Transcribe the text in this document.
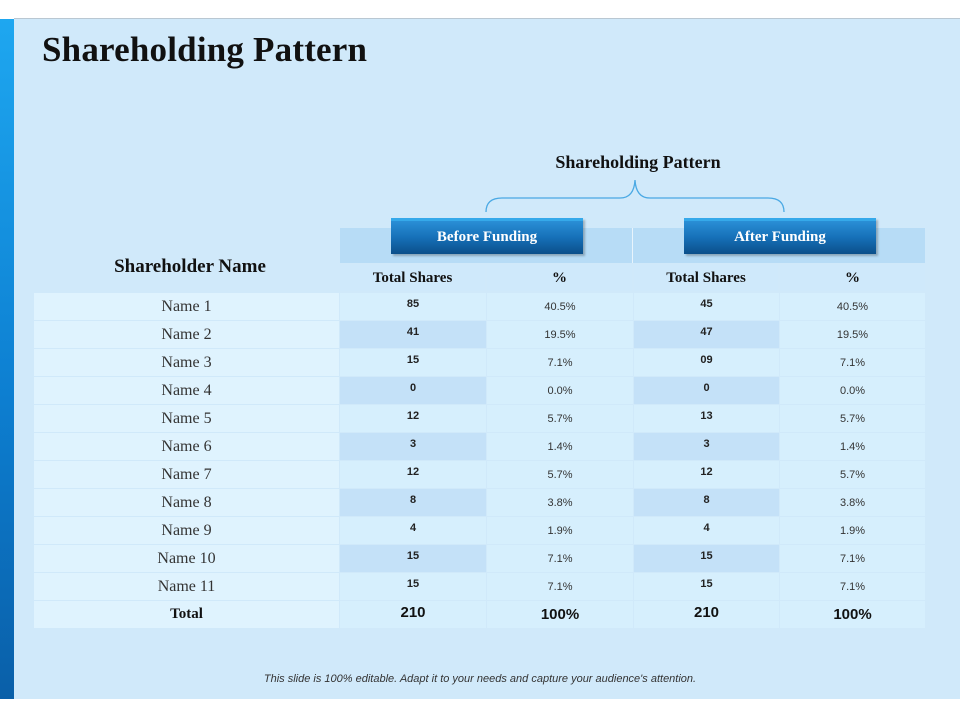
Shareholding Pattern
Shareholding Pattern
Before Funding	After Funding
Shareholder Name
Total Shares	%	Total Shares	%
Name 1	85	40.5%	45	40.5%
Name 2	41	19.5%	47	19.5%
Name 3	15	7.1%	09	7.1%
Name 4	0	0.0%	0	0.0%
Name 5	12	5.7%	13	5.7%
Name 6	3	1.4%	3	1.4%
Name 7	12	5.7%	12	5.7%
Name 8	8	3.8%	8	3.8%
Name 9	4	1.9%	4	1.9%
Name 10	15	7.1%	15	7.1%
Name 11	15	7.1%	15	7.1%
Total	210	100%	210	100%
This slide is 100% editable. Adapt it to your needs and capture your audience's attention.
